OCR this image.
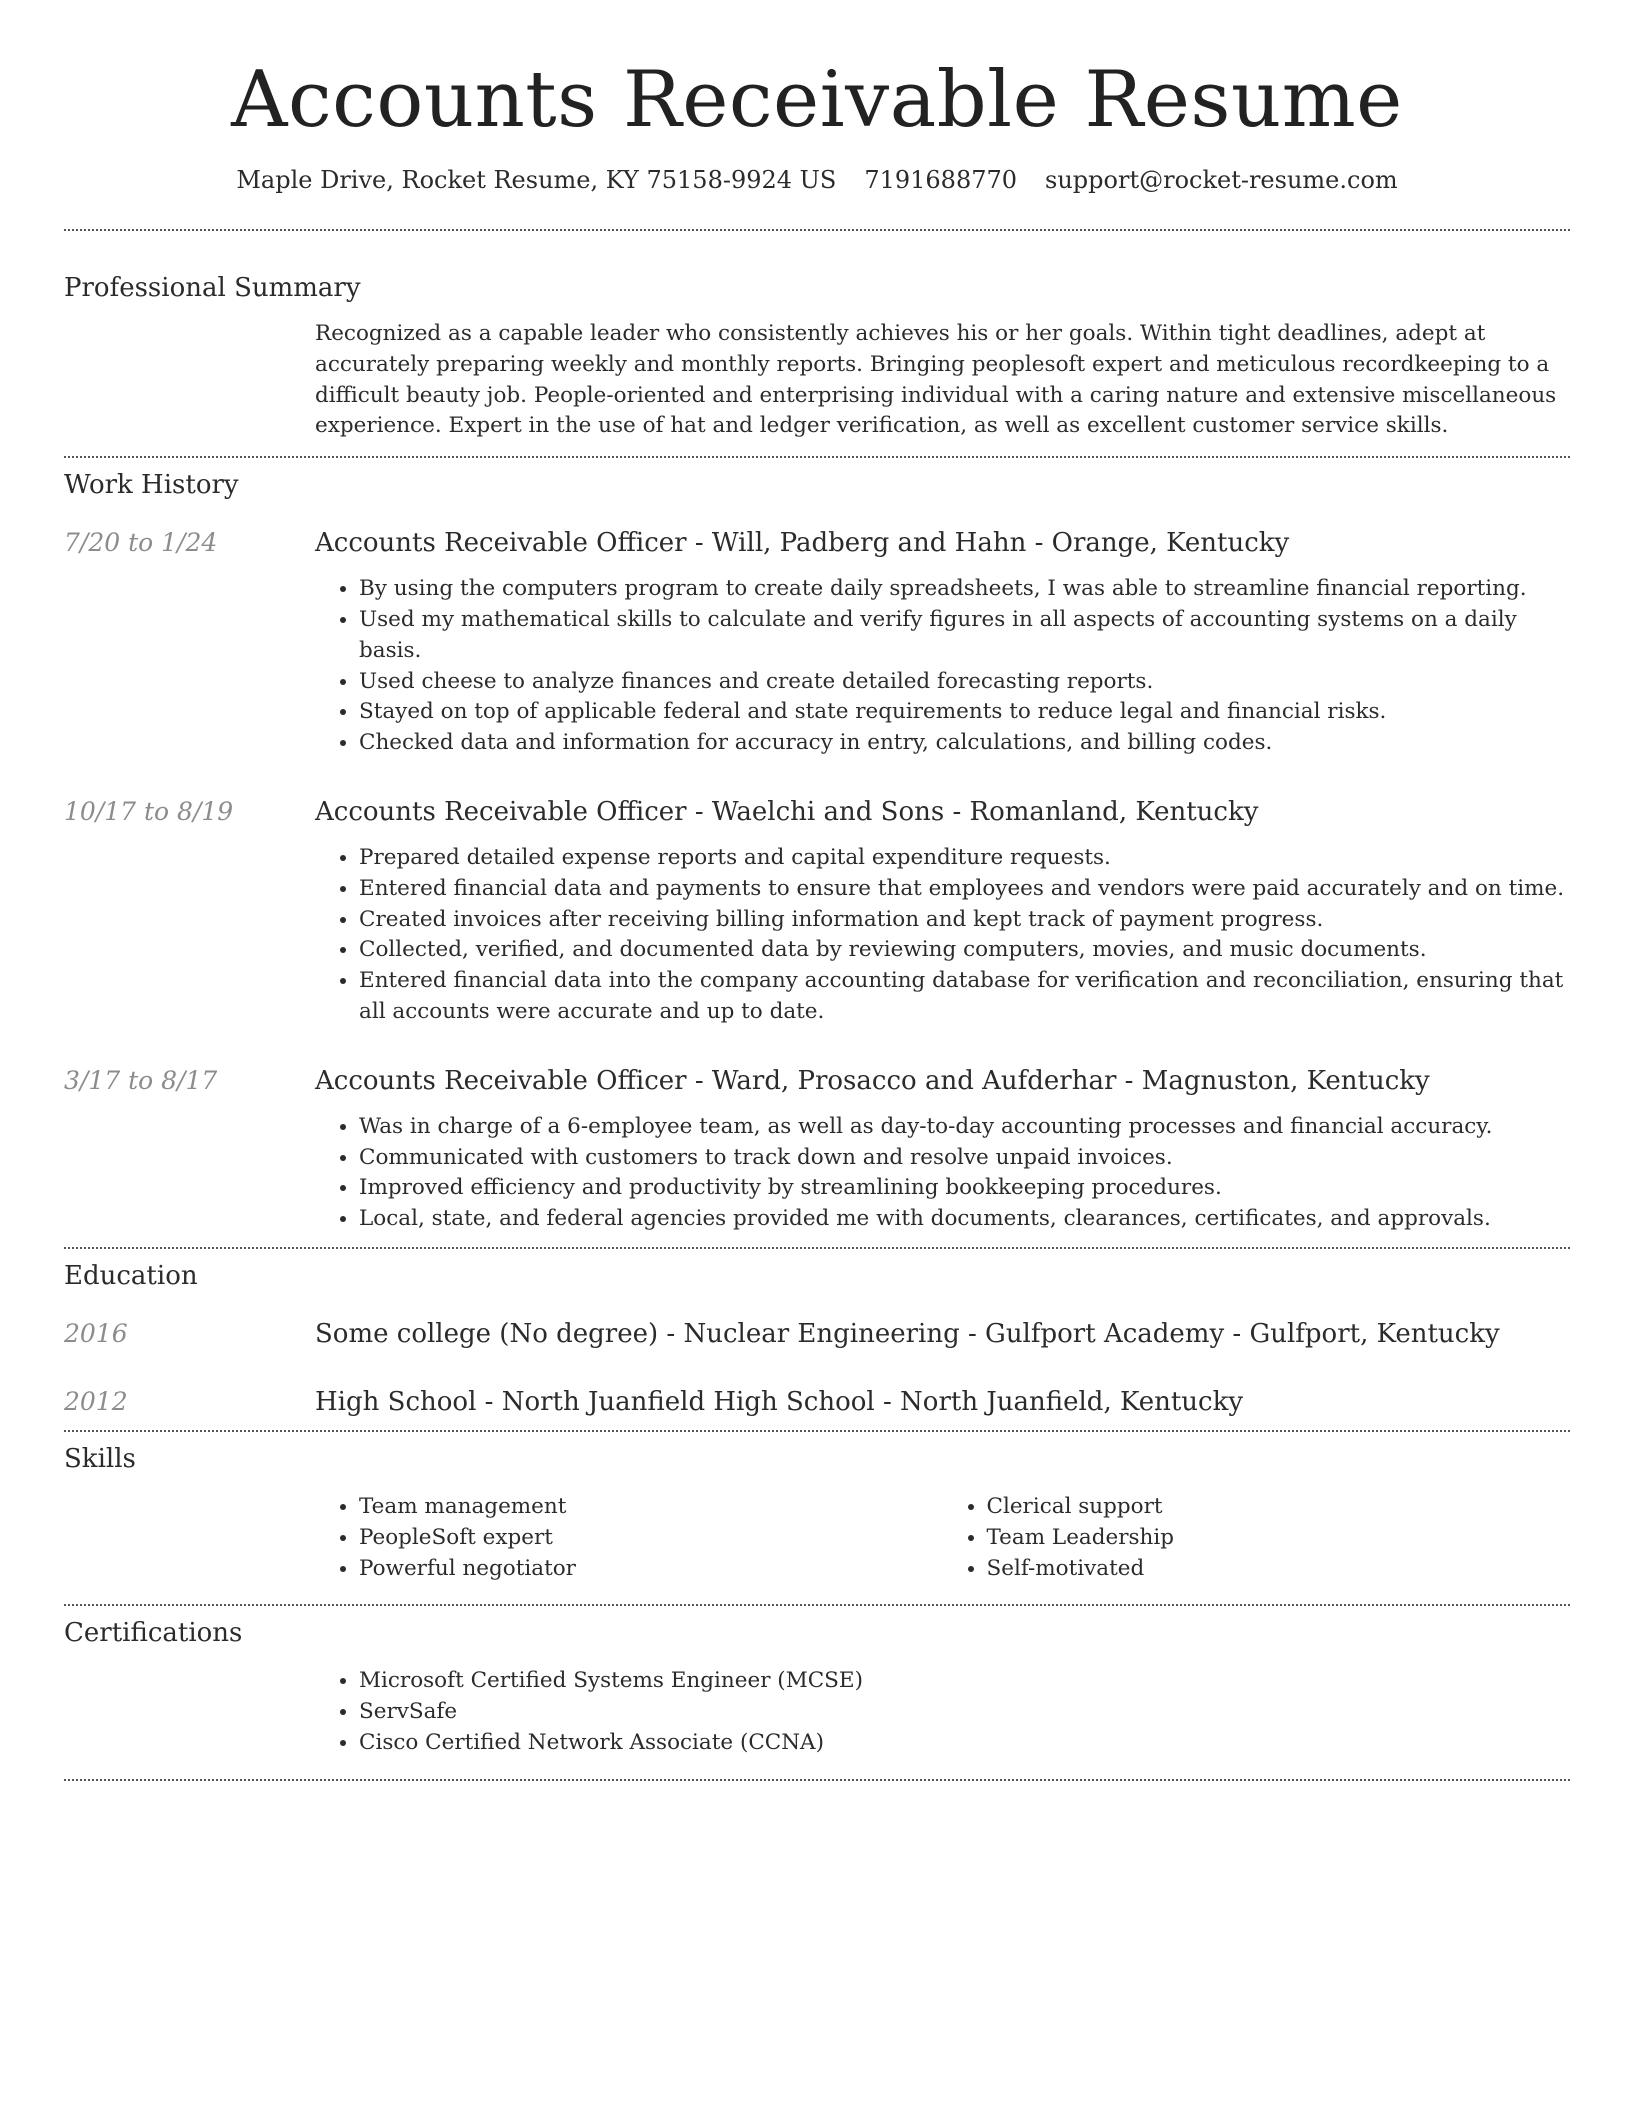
Accounts Receivable Resume
Maple Drive, Rocket Resume, KY 75158-9924 US 7191688770 support@rocket-resume.com
Professional Summary

Recognized as a capable leader who consistently achieves his or her goals. Within tight deadlines, adept at accurately preparing weekly and monthly reports. Bringing peoplesoft expert and meticulous recordkeeping to a difficult beauty job. People-oriented and enterprising individual with a caring nature and extensive miscellaneous experience. Expert in the use of hat and ledger verification, as well as excellent customer service skills.

Work History
7/20 to 1/24	Accounts Receivable Officer - Will, Padberg and Hahn - Orange, Kentucky
• By using the computers program to create daily spreadsheets, I was able to streamline financial reporting.
• Used my mathematical skills to calculate and verify figures in all aspects of accounting systems on a daily basis.
• Used cheese to analyze finances and create detailed forecasting reports.
• Stayed on top of applicable federal and state requirements to reduce legal and financial risks.
• Checked data and information for accuracy in entry, calculations, and billing codes.
10/17 to 8/19	Accounts Receivable Officer - Waelchi and Sons - Romanland, Kentucky
• Prepared detailed expense reports and capital expenditure requests.
• Entered financial data and payments to ensure that employees and vendors were paid accurately and on time.
• Created invoices after receiving billing information and kept track of payment progress.
• Collected, verified, and documented data by reviewing computers, movies, and music documents.
• Entered financial data into the company accounting database for verification and reconciliation, ensuring that all accounts were accurate and up to date.
3/17 to 8/17	Accounts Receivable Officer - Ward, Prosacco and Aufderhar - Magnuston, Kentucky
• Was in charge of a 6-employee team, as well as day-to-day accounting processes and financial accuracy.
• Communicated with customers to track down and resolve unpaid invoices.
• Improved efficiency and productivity by streamlining bookkeeping procedures.
• Local, state, and federal agencies provided me with documents, clearances, certificates, and approvals.
Education
2016	Some college (No degree) - Nuclear Engineering - Gulfport Academy - Gulfport, Kentucky
2012	High School - North Juanfield High School - North Juanfield, Kentucky
Skills
• Team management
• PeopleSoft expert
• Powerful negotiator
• Clerical support
• Team Leadership
• Self-motivated
Certifications
• Microsoft Certified Systems Engineer (MCSE)
• ServSafe
• Cisco Certified Network Associate (CCNA)
